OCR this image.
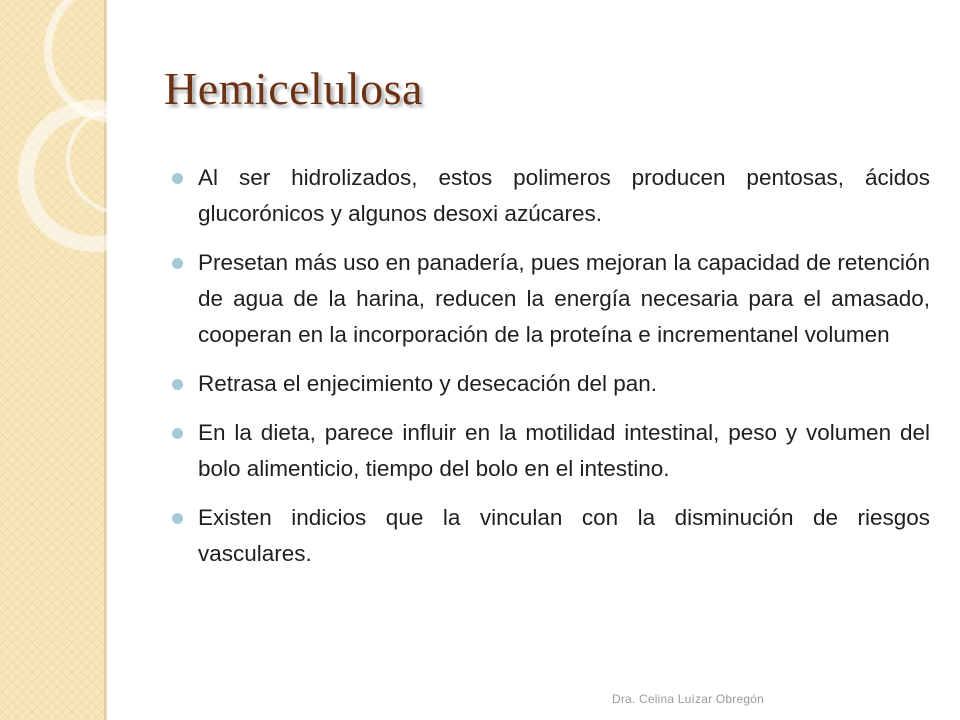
Hemicelulosa
Al ser hidrolizados, estos polimeros producen pentosas, ácidos glucorónicos y algunos desoxi azúcares.
Presetan más uso en panadería, pues mejoran la capacidad de retención de agua de la harina, reducen la energía necesaria para el amasado, cooperan en la incorporación de la proteína e incrementanel volumen
Retrasa el enjecimiento y desecación del pan.
En la dieta, parece influir en la motilidad intestinal, peso y volumen del bolo alimenticio, tiempo del bolo en el intestino.
Existen indicios que la vinculan con la disminución de riesgos vasculares.
Dra. Celina Luízar Obregón
